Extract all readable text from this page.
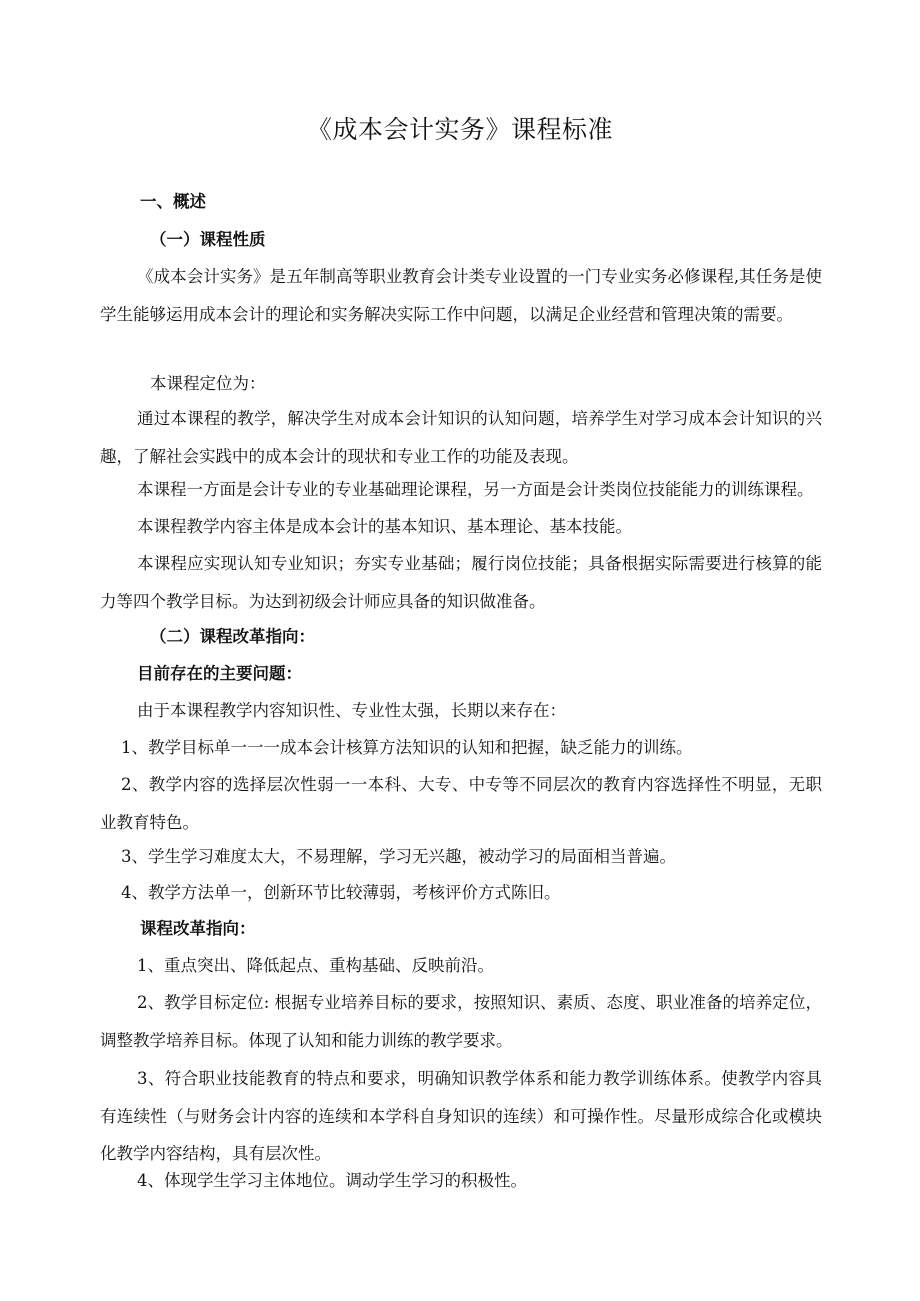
《成本会计实务》课程标准

一、概述

（一）课程性质

《成本会计实务》是五年制高等职业教育会计类专业设置的一门专业实务必修课程,其任务是使学生能够运用成本会计的理论和实务解决实际工作中问题，以满足企业经营和管理决策的需要。

本课程定位为：

通过本课程的教学，解决学生对成本会计知识的认知问题，培养学生对学习成本会计知识的兴趣，了解社会实践中的成本会计的现状和专业工作的功能及表现。

本课程一方面是会计专业的专业基础理论课程，另一方面是会计类岗位技能能力的训练课程。

本课程教学内容主体是成本会计的基本知识、基本理论、基本技能。

本课程应实现认知专业知识；夯实专业基础；履行岗位技能；具备根据实际需要进行核算的能力等四个教学目标。为达到初级会计师应具备的知识做准备。

（二）课程改革指向：

目前存在的主要问题：

由于本课程教学内容知识性、专业性太强，长期以来存在：

1、教学目标单一一一成本会计核算方法知识的认知和把握，缺乏能力的训练。

2、教学内容的选择层次性弱一一本科、大专、中专等不同层次的教育内容选择性不明显，无职业教育特色。

3、学生学习难度太大，不易理解，学习无兴趣，被动学习的局面相当普遍。

4、教学方法单一，创新环节比较薄弱，考核评价方式陈旧。

课程改革指向：

1、重点突出、降低起点、重构基础、反映前沿。

2、教学目标定位: 根据专业培养目标的要求，按照知识、素质、态度、职业准备的培养定位，调整教学培养目标。体现了认知和能力训练的教学要求。

3、符合职业技能教育的特点和要求，明确知识教学体系和能力教学训练体系。使教学内容具有连续性（与财务会计内容的连续和本学科自身知识的连续）和可操作性。尽量形成综合化或模块化教学内容结构，具有层次性。

4、体现学生学习主体地位。调动学生学习的积极性。
